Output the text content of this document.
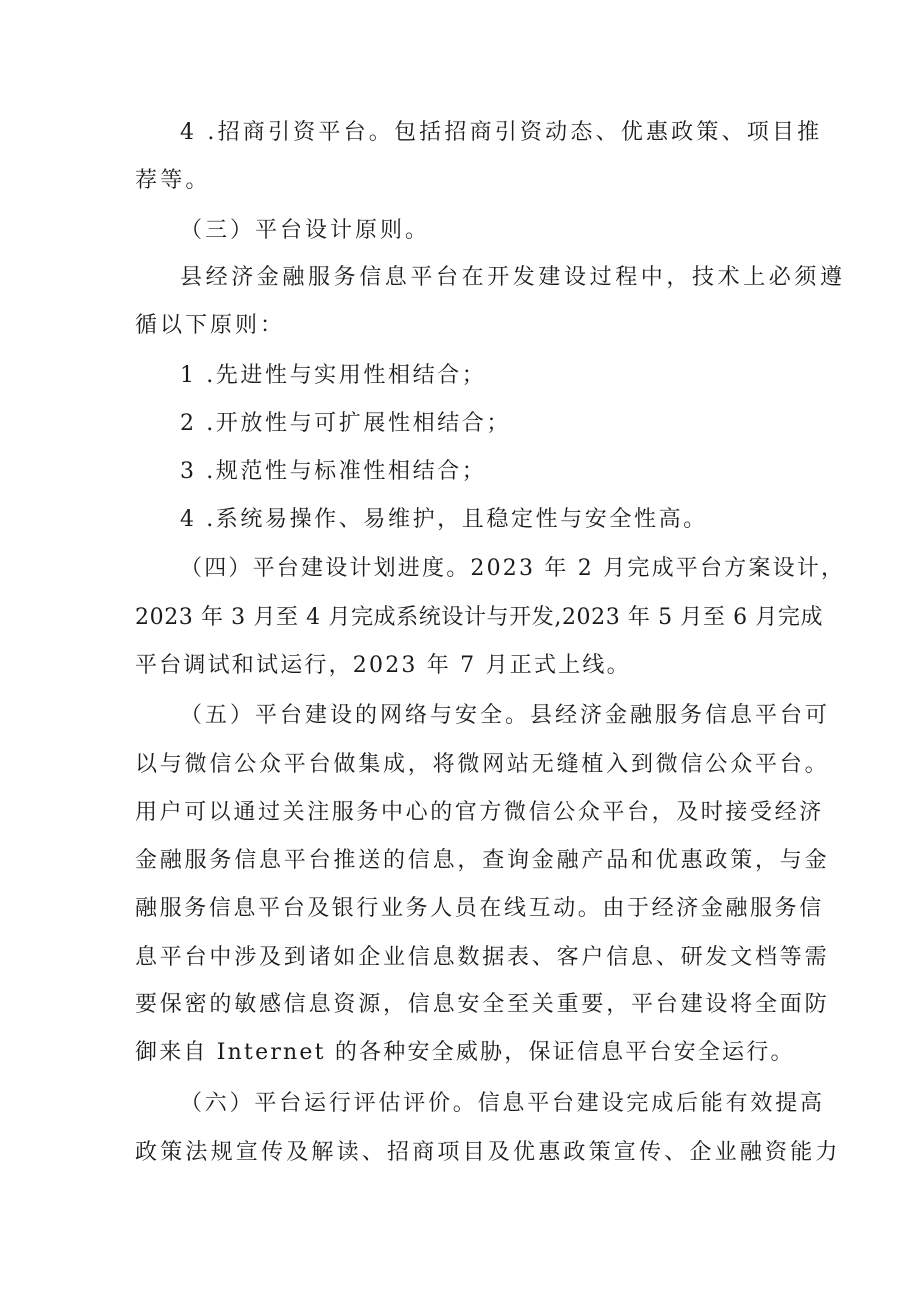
4 .招商引资平台。包括招商引资动态、优惠政策、项目推
荐等。
（三）平台设计原则。
县经济金融服务信息平台在开发建设过程中，技术上必须遵
循以下原则：
1 .先进性与实用性相结合；
2 .开放性与可扩展性相结合；
3 .规范性与标准性相结合；
4 .系统易操作、易维护，且稳定性与安全性高。
（四）平台建设计划进度。2023 年 2 月完成平台方案设计，
2023 年 3 月至 4 月完成系统设计与开发,2023 年 5 月至 6 月完成
平台调试和试运行，2023 年 7 月正式上线。
（五）平台建设的网络与安全。县经济金融服务信息平台可
以与微信公众平台做集成，将微网站无缝植入到微信公众平台。
用户可以通过关注服务中心的官方微信公众平台，及时接受经济
金融服务信息平台推送的信息，查询金融产品和优惠政策，与金
融服务信息平台及银行业务人员在线互动。由于经济金融服务信
息平台中涉及到诸如企业信息数据表、客户信息、研发文档等需
要保密的敏感信息资源，信息安全至关重要，平台建设将全面防
御来自 Internet 的各种安全威胁，保证信息平台安全运行。
（六）平台运行评估评价。信息平台建设完成后能有效提高
政策法规宣传及解读、招商项目及优惠政策宣传、企业融资能力
